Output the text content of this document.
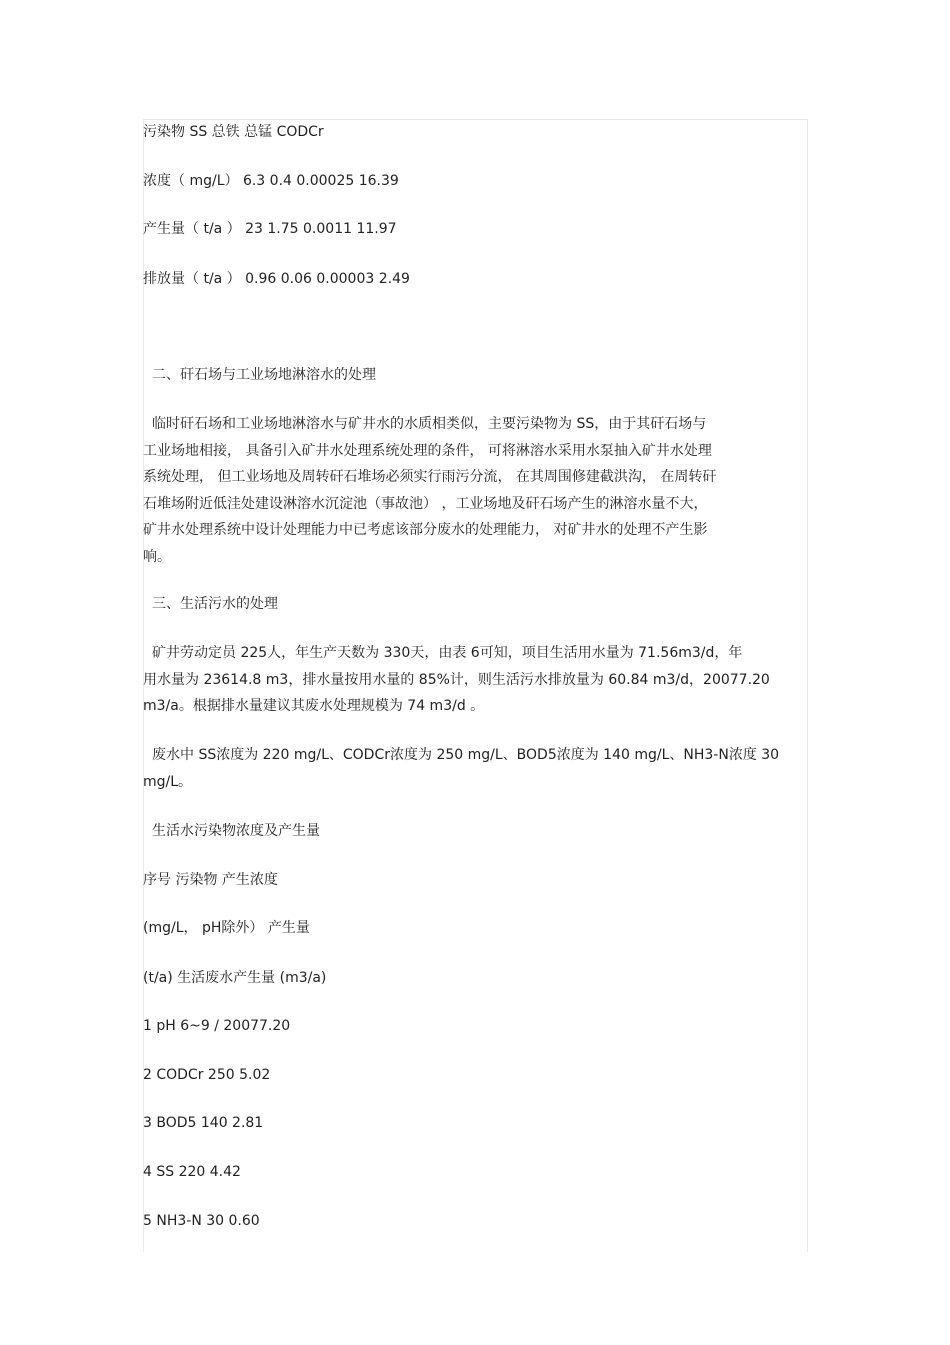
污染物 SS 总铁 总锰 CODCr
浓度（ mg/L） 6.3 0.4 0.00025 16.39
产生量（ t/a ） 23 1.75 0.0011 11.97
排放量（ t/a ） 0.96 0.06 0.00003 2.49
二、矸石场与工业场地淋溶水的处理
临时矸石场和工业场地淋溶水与矿井水的水质相类似，主要污染物为 SS，由于其矸石场与
工业场地相接， 具备引入矿井水处理系统处理的条件， 可将淋溶水采用水泵抽入矿井水处理
系统处理， 但工业场地及周转矸石堆场必须实行雨污分流， 在其周围修建截洪沟， 在周转矸
石堆场附近低洼处建设淋溶水沉淀池（事故池） ，工业场地及矸石场产生的淋溶水量不大，
矿井水处理系统中设计处理能力中已考虑该部分废水的处理能力， 对矿井水的处理不产生影
响。
三、生活污水的处理
矿井劳动定员 225人，年生产天数为 330天，由表 6可知，项目生活用水量为 71.56m3/d，年
用水量为 23614.8 m3，排水量按用水量的 85%计，则生活污水排放量为 60.84 m3/d，20077.20
m3/a。根据排水量建议其废水处理规模为 74 m3/d 。
废水中 SS浓度为 220 mg/L、CODCr浓度为 250 mg/L、BOD5浓度为 140 mg/L、NH3-N浓度 30
mg/L。
生活水污染物浓度及产生量
序号 污染物 产生浓度
(mg/L， pH除外） 产生量
(t/a) 生活废水产生量 (m3/a)
1 pH 6~9 / 20077.20
2 CODCr 250 5.02
3 BOD5 140 2.81
4 SS 220 4.42
5 NH3-N 30 0.60
